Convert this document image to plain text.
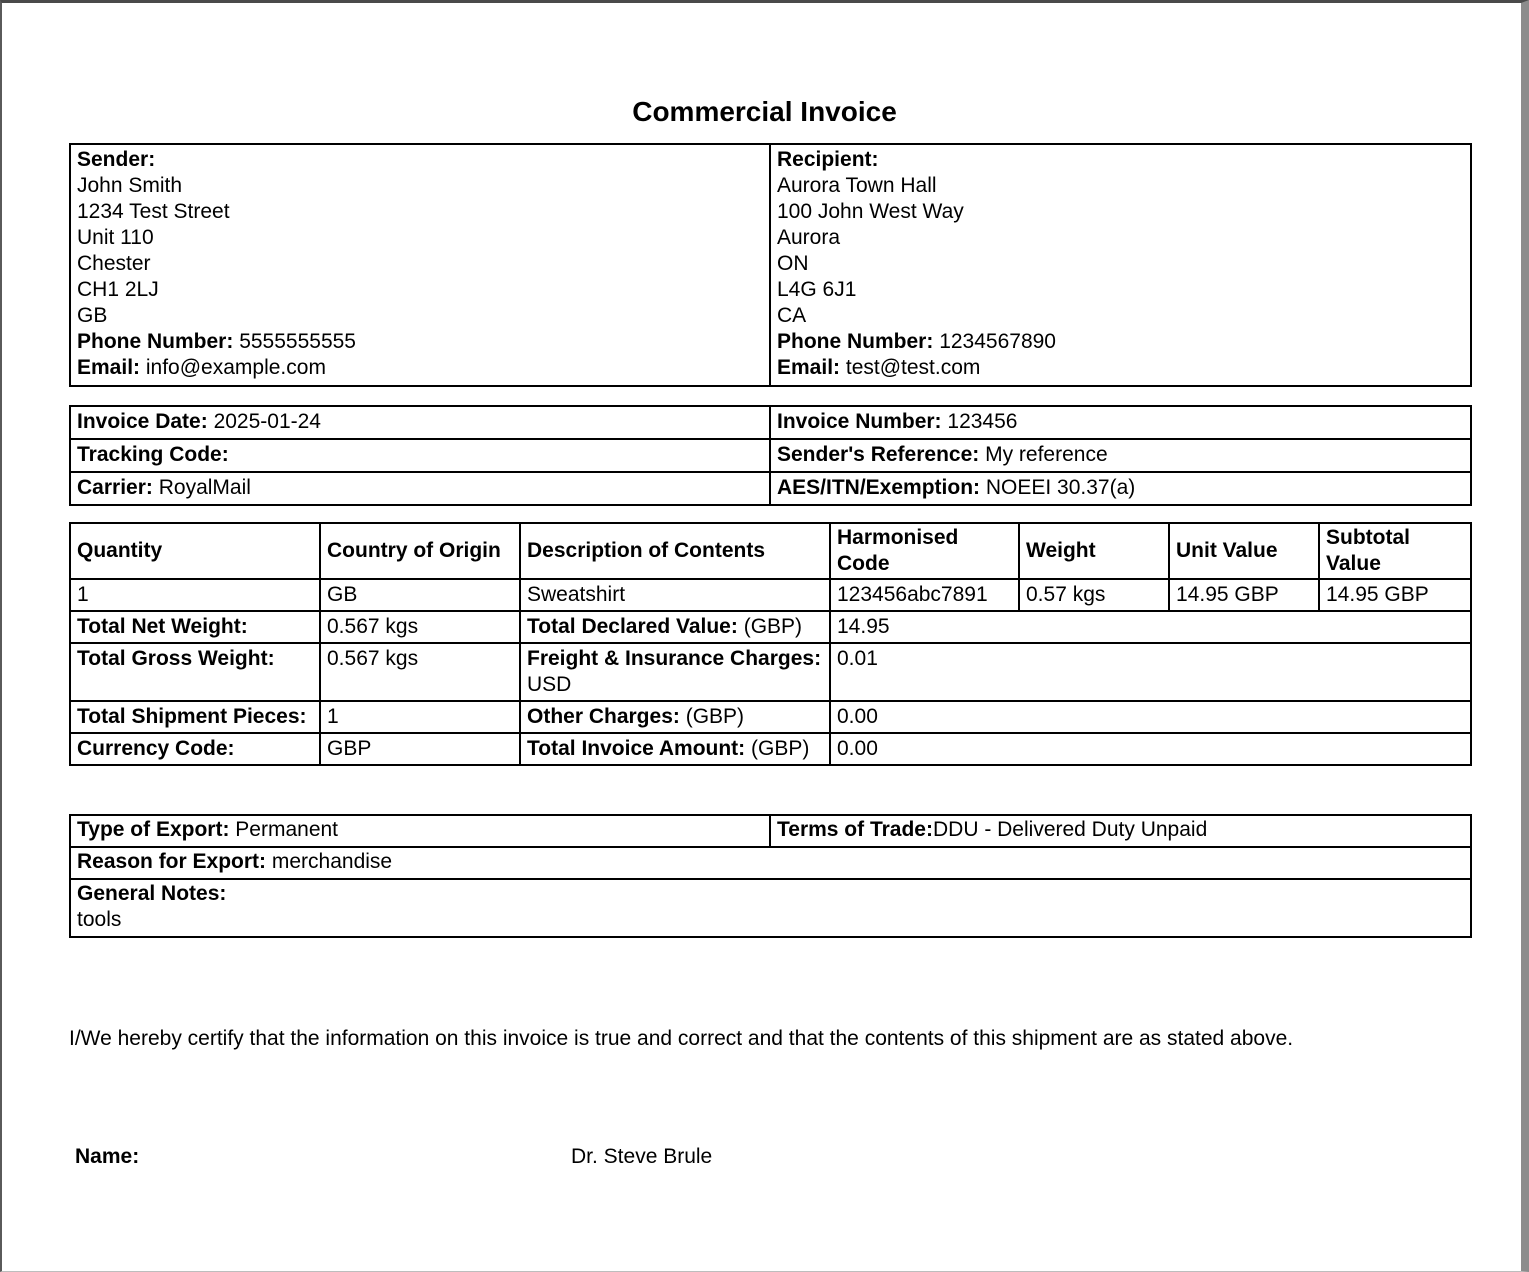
Commercial Invoice
Sender:
John Smith
1234 Test Street
Unit 110
Chester
CH1 2LJ
GB
Phone Number: 5555555555
Email: info@example.com

Recipient:
Aurora Town Hall
100 John West Way
Aurora
ON
L4G 6J1
CA
Phone Number: 1234567890
Email: test@test.com
Invoice Date: 2025-01-24	Invoice Number: 123456
Tracking Code:	Sender's Reference: My reference
Carrier: RoyalMail	AES/ITN/Exemption: NOEEI 30.37(a)
Quantity	Country of Origin	Description of Contents	Harmonised Code	Weight	Unit Value	Subtotal Value
1	GB	Sweatshirt	123456abc7891	0.57 kgs	14.95 GBP	14.95 GBP
Total Net Weight:	0.567 kgs	Total Declared Value: (GBP)	14.95			
Total Gross Weight:	0.567 kgs	Freight & Insurance Charges: USD	0.01			
Total Shipment Pieces:	1	Other Charges: (GBP)	0.00			
Currency Code:	GBP	Total Invoice Amount: (GBP)	0.00			
Type of Export: Permanent	Terms of Trade:DDU - Delivered Duty Unpaid
Reason for Export: merchandise

General Notes:
tools
I/We hereby certify that the information on this invoice is true and correct and that the contents of this shipment are as stated above.
Name:	Dr. Steve Brule
